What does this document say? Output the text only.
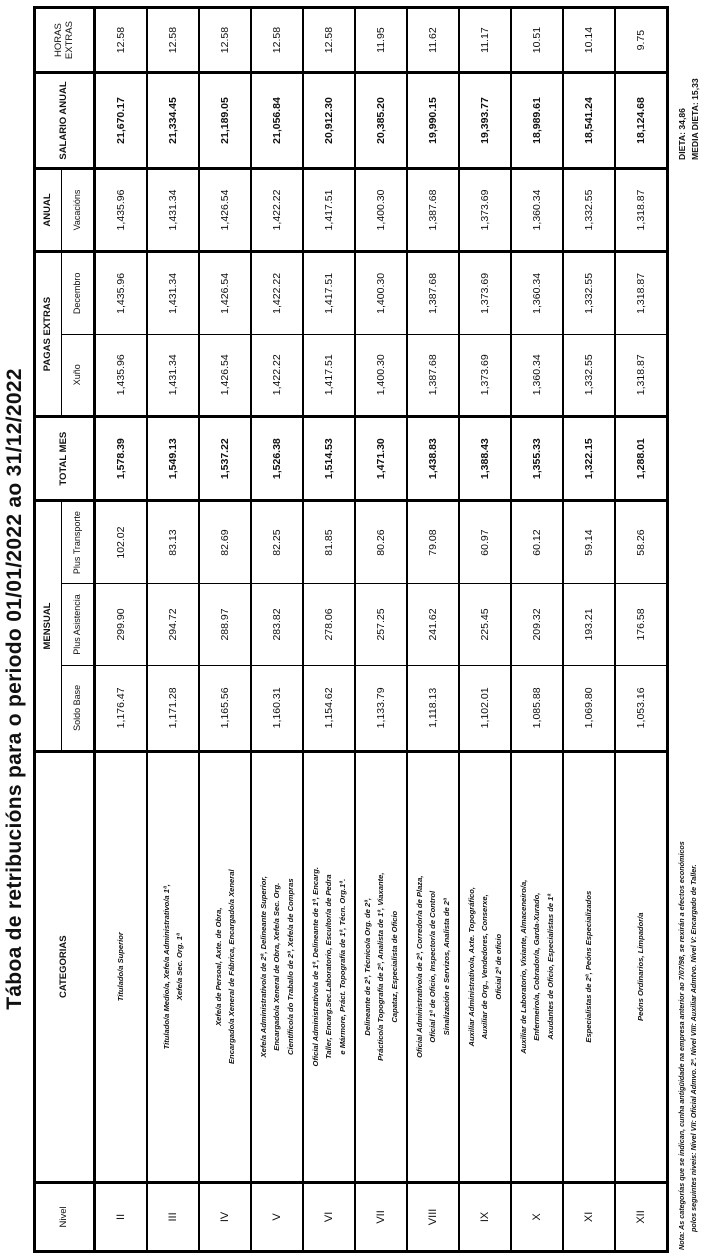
Táboa de retribucións para o periodo 01/01/2022 ao 31/12/2022
Nivel	CATEGORIAS	MENSUAL			TOTAL MES	PAGAS EXTRAS		ANUAL	SALARIO ANUAL	HORAS EXTRAS
		Soldo Base	Plus Asistencia	Plus Transporte		Xuño	Decembro	Vacacións		
II	Titulado/a Superior	1,176.47	299.90	102.02	1,578.39	1,435.96	1,435.96	1,435.96	21,670.17	12.58
III	Titulado/a Medio/a, Xefe/a Administrativo/a 1ª, Xefe/a Sec. Org. 1ª	1,171.28	294.72	83.13	1,549.13	1,431.34	1,431.34	1,431.34	21,334.45	12.58
IV	Xefe/a de Persoal, Axte. de Obra, Encargado/a Xeneral de Fábrica, Encargado/a Xeneral	1,165.56	288.97	82.69	1,537.22	1,426.54	1,426.54	1,426.54	21,189.05	12.58
V	Xefe/a Administrativo/a de 2ª, Delineante Superior, Encargado/a Xeneral de Obra, Xefe/a Sec. Org. Científico/a do Traballo de 2ª, Xefe/a de Compras	1,160.31	283.82	82.25	1,526.38	1,422.22	1,422.22	1,422.22	21,056.84	12.58
VI	Oficial Administrativo/a de 1ª, Delineante de 1ª, Encarg. Taller, Encarg.Sec.Laboratorio, Escultor/a de Pedra e Mármore, Práct. Topografía de 1ª, Técn. Org.1ª.	1,154.62	278.06	81.85	1,514.53	1,417.51	1,417.51	1,417.51	20,912.30	12.58
VII	Delineante de 2ª, Técnico/a Org. de 2ª, Práctico/a Topografía de 2ª, Analista de 1ª, Viaxante, Capataz, Especialista de Oficio	1,133.79	257.25	80.26	1,471.30	1,400.30	1,400.30	1,400.30	20,385.20	11.95
VIII	Oficial Administrativo/a de 2ª, Corredor/a de Plaza, Oficial 1ª de Oficio, Inspector/a de Control Sinalización e Servizos, Analista de 2ª	1,118.13	241.62	79.08	1,438.83	1,387.68	1,387.68	1,387.68	19,990.15	11.62
IX	Auxiliar Administrativo/a, Axte. Topográfico, Auxiliar de Org., Vendedores, Conserxe, Oficial 2ª de oficio	1,102.01	225.45	60.97	1,388.43	1,373.69	1,373.69	1,373.69	19,393.77	11.17
X	Auxiliar de Laboratorio, Vixiante, Almaceneiro/a, Enfermeiro/a, Cobrador/a, Garda-Xurado, Axudantes de Oficio, Especialistas de 1ª	1,085.88	209.32	60.12	1,355.33	1,360.34	1,360.34	1,360.34	18,989.61	10.51
XI	Especialistas de 2ª, Peóns Especializados	1,069.80	193.21	59.14	1,322.15	1,332.55	1,332.55	1,332.55	18,541.24	10.14
XII	Peóns Ordinarios, Limpador/a	1,053.16	176.58	58.26	1,288.01	1,318.87	1,318.87	1,318.87	18,124.68	9.75
Nota: As categorías que se indican, cunha antigüidade na empresa anterior ao 7/07/98, se rexirán a efectos económicos polos seguintes niveis: Nivel VII: Oficial Admvo. 2ª. Nivel VIII: Auxiliar Admtvo. Nivel V: Encargado de Taller.
DIETA: 34,86 MEDIA DIETA: 15,33
